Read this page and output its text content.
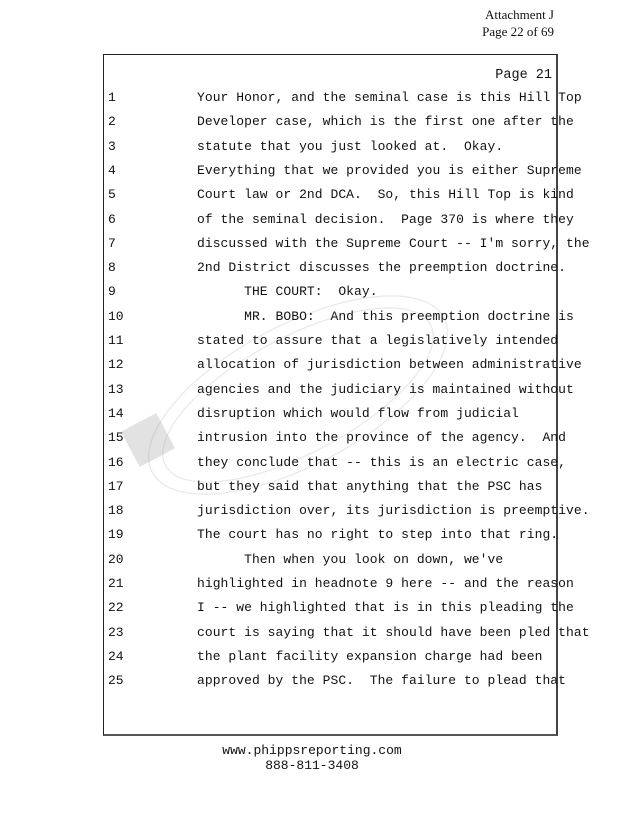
Attachment J
Page 22 of 69
Page 21
1	Your Honor, and the seminal case is this Hill Top
2	Developer case, which is the first one after the
3	statute that you just looked at.  Okay.
4	Everything that we provided you is either Supreme
5	Court law or 2nd DCA.  So, this Hill Top is kind
6	of the seminal decision.  Page 370 is where they
7	discussed with the Supreme Court -- I'm sorry, the
8	2nd District discusses the preemption doctrine.
9	THE COURT:  Okay.
10	MR. BOBO:  And this preemption doctrine is
11	stated to assure that a legislatively intended
12	allocation of jurisdiction between administrative
13	agencies and the judiciary is maintained without
14	disruption which would flow from judicial
15	intrusion into the province of the agency.  And
16	they conclude that -- this is an electric case,
17	but they said that anything that the PSC has
18	jurisdiction over, its jurisdiction is preemptive.
19	The court has no right to step into that ring.
20	Then when you look on down, we've
21	highlighted in headnote 9 here -- and the reason
22	I -- we highlighted that is in this pleading the
23	court is saying that it should have been pled that
24	the plant facility expansion charge had been
25	approved by the PSC.  The failure to plead that
www.phippsreporting.com
888-811-3408
